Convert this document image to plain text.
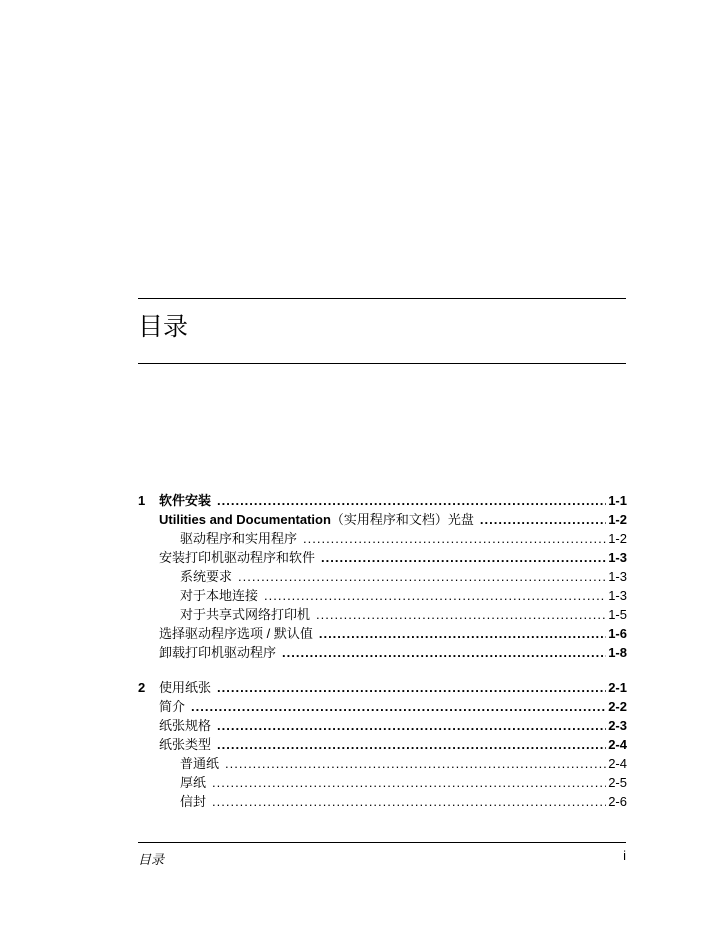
目录
1	软件安装 .....	1-1
Utilities and Documentation（实用程序和文档）光盘 .....	1-2
驱动程序和实用程序 .....	1-2
安装打印机驱动程序和软件 .....	1-3
系统要求 .....	1-3
对于本地连接 .....	1-3
对于共享式网络打印机 .....	1-5
选择驱动程序选项 / 默认值 .....	1-6
卸载打印机驱动程序 .....	1-8
2	使用纸张 .....	2-1
简介 .....	2-2
纸张规格 .....	2-3
纸张类型 .....	2-4
普通纸 .....	2-4
厚纸 .....	2-5
信封 .....	2-6
目录	i
